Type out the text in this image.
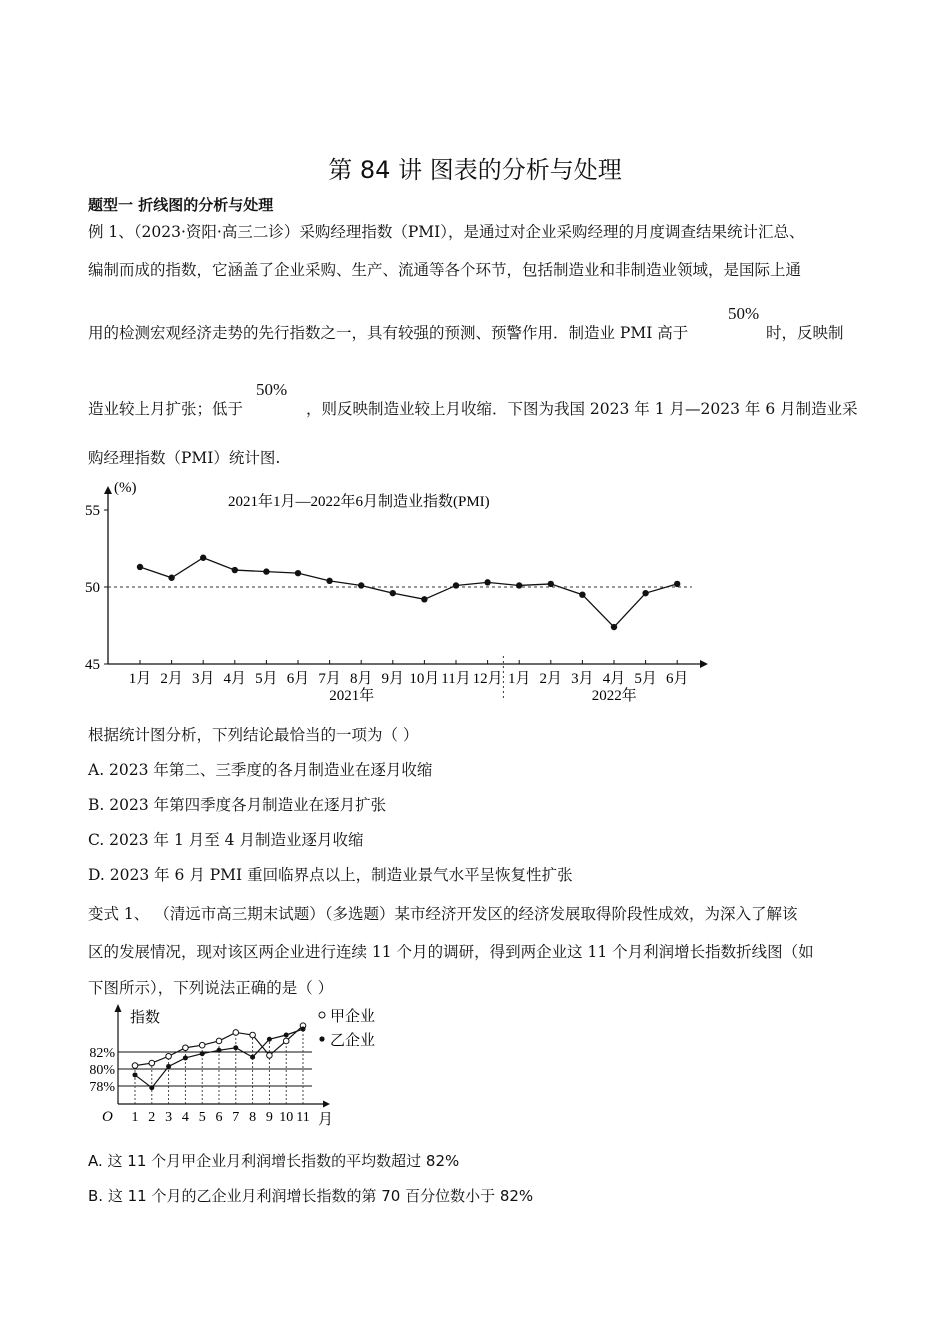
第 84 讲 图表的分析与处理
题型一 折线图的分析与处理
例 1、（2023·资阳·高三二诊）采购经理指数（PMI），是通过对企业采购经理的月度调查结果统计汇总、
编制而成的指数，它涵盖了企业采购、生产、流通等各个环节，包括制造业和非制造业领域，是国际上通
用的检测宏观经济走势的先行指数之一，具有较强的预测、预警作用．制造业 PMI 高于
50%
时，反映制
造业较上月扩张；低于
50%
，则反映制造业较上月收缩．下图为我国 2023 年 1 月—2023 年 6 月制造业采
购经理指数（PMI）统计图.
(%)
2021年1月—2022年6月制造业指数(PMI)
45
50
55
1月 2月 3月 4月 5月 6月 7月 8月 9月 10月 11月 12月 1月 2月 3月 4月 5月 6月
2021年	2022年
根据统计图分析，下列结论最恰当的一项为（ ）
A. 2023 年第二、三季度的各月制造业在逐月收缩
B. 2023 年第四季度各月制造业在逐月扩张
C. 2023 年 1 月至 4 月制造业逐月收缩
D. 2023 年 6 月 PMI 重回临界点以上，制造业景气水平呈恢复性扩张
变式 1、 （清远市高三期末试题）（多选题）某市经济开发区的经济发展取得阶段性成效，为深入了解该
区的发展情况，现对该区两企业进行连续 11 个月的调研，得到两企业这 11 个月利润增长指数折线图（如
下图所示），下列说法正确的是（ ）
指数
月
O
78%
80%
82%
1 2 3 4 5 6 7 8 9 10 11
甲企业
乙企业
A. 这 11 个月甲企业月利润增长指数的平均数超过 82%
B. 这 11 个月的乙企业月利润增长指数的第 70 百分位数小于 82%
